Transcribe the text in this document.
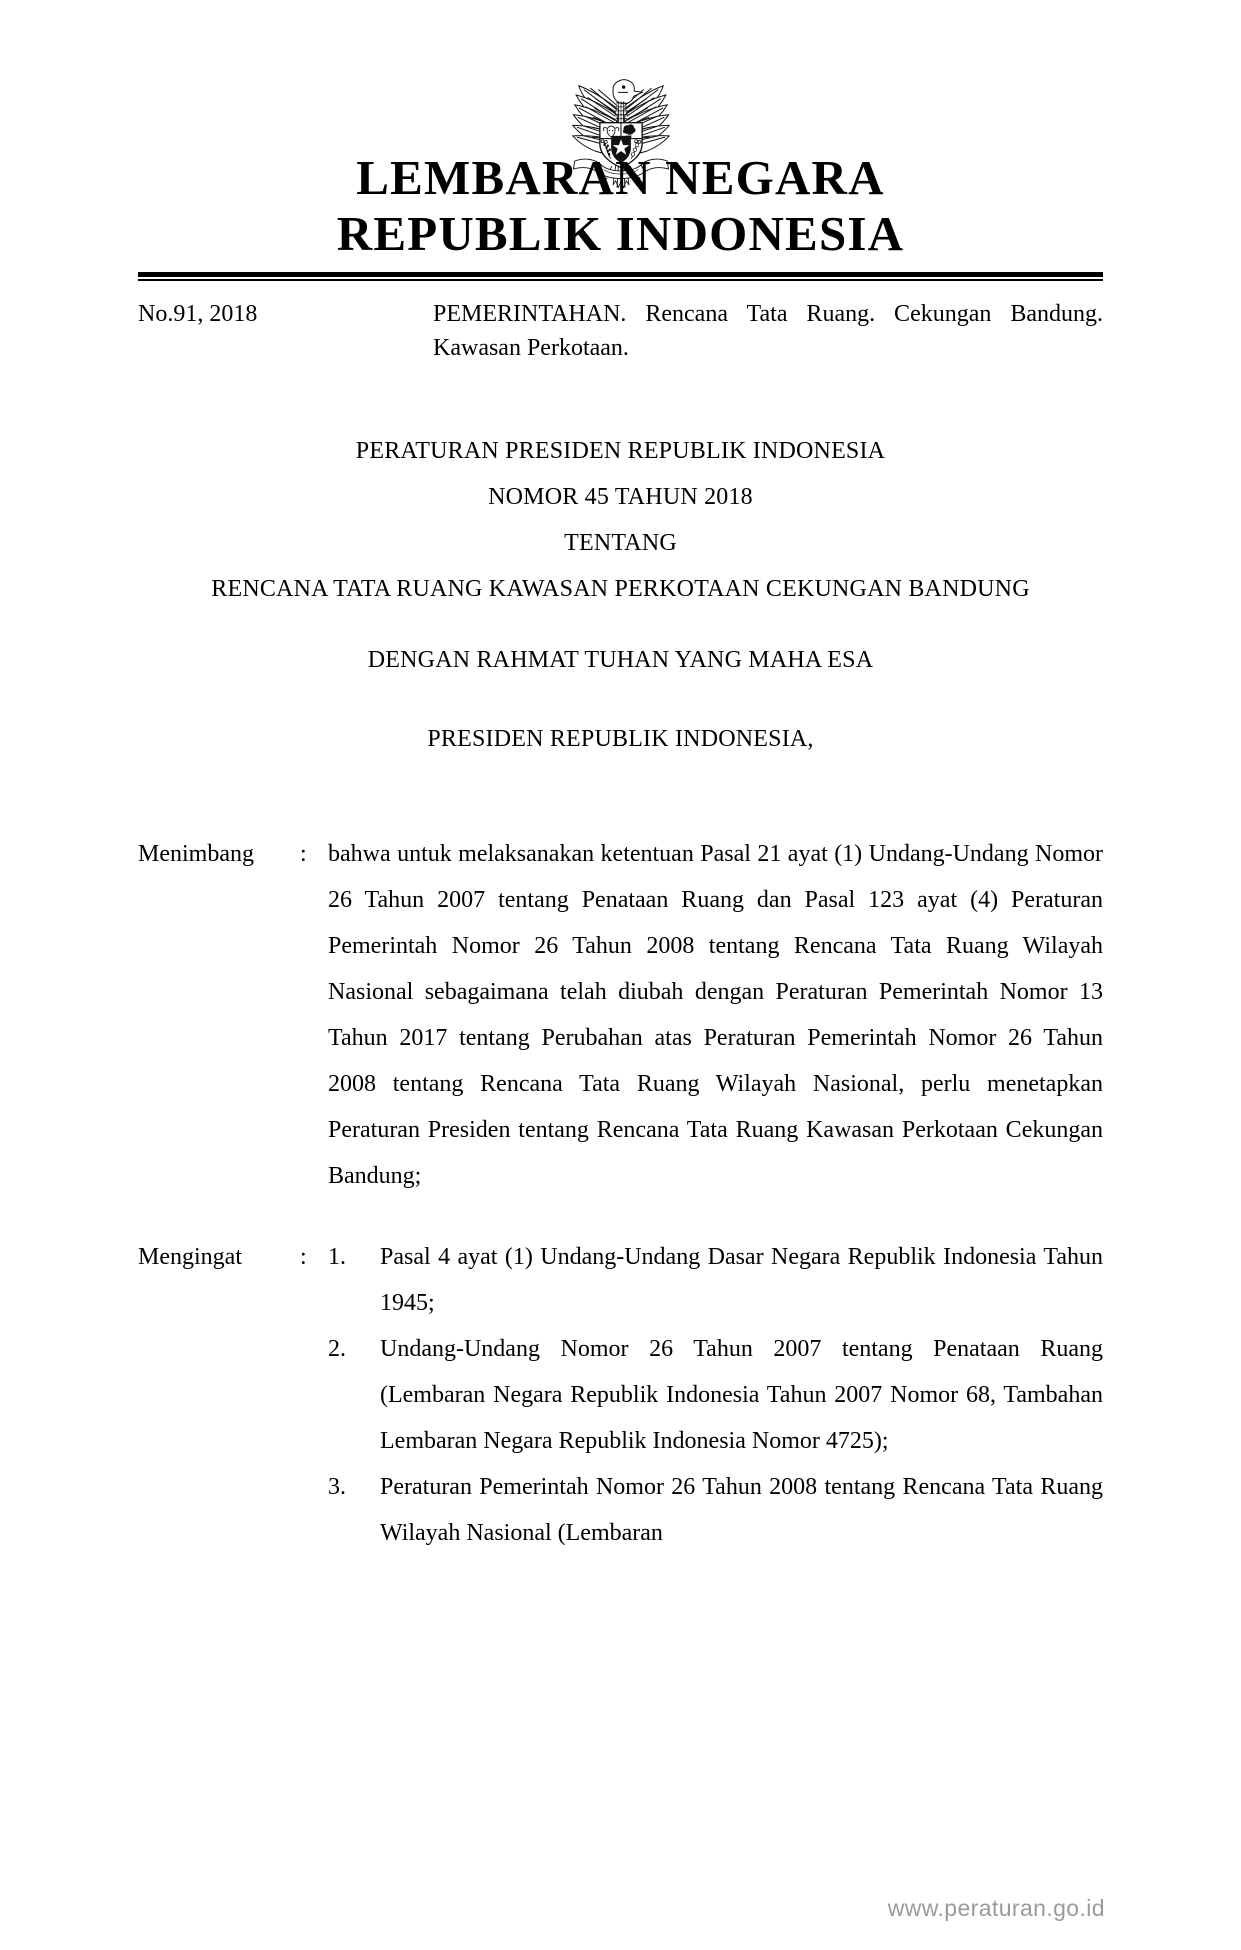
LEMBARAN NEGARA
REPUBLIK INDONESIA
No.91, 2018	PEMERINTAHAN. Rencana Tata Ruang. Cekungan Bandung. Kawasan Perkotaan.
PERATURAN PRESIDEN REPUBLIK INDONESIA
NOMOR 45 TAHUN 2018
TENTANG
RENCANA TATA RUANG KAWASAN PERKOTAAN CEKUNGAN BANDUNG
DENGAN RAHMAT TUHAN YANG MAHA ESA
PRESIDEN REPUBLIK INDONESIA,
Menimbang	: bahwa untuk melaksanakan ketentuan Pasal 21 ayat (1) Undang-Undang Nomor 26 Tahun 2007 tentang Penataan Ruang dan Pasal 123 ayat (4) Peraturan Pemerintah Nomor 26 Tahun 2008 tentang Rencana Tata Ruang Wilayah Nasional sebagaimana telah diubah dengan Peraturan Pemerintah Nomor 13 Tahun 2017 tentang Perubahan atas Peraturan Pemerintah Nomor 26 Tahun 2008 tentang Rencana Tata Ruang Wilayah Nasional, perlu menetapkan Peraturan Presiden tentang Rencana Tata Ruang Kawasan Perkotaan Cekungan Bandung;
Mengingat	: 1.	Pasal 4 ayat (1) Undang-Undang Dasar Negara Republik Indonesia Tahun 1945;
2.	Undang-Undang Nomor 26 Tahun 2007 tentang Penataan Ruang (Lembaran Negara Republik Indonesia Tahun 2007 Nomor 68, Tambahan Lembaran Negara Republik Indonesia Nomor 4725);
3.	Peraturan Pemerintah Nomor 26 Tahun 2008 tentang Rencana Tata Ruang Wilayah Nasional (Lembaran
www.peraturan.go.id
